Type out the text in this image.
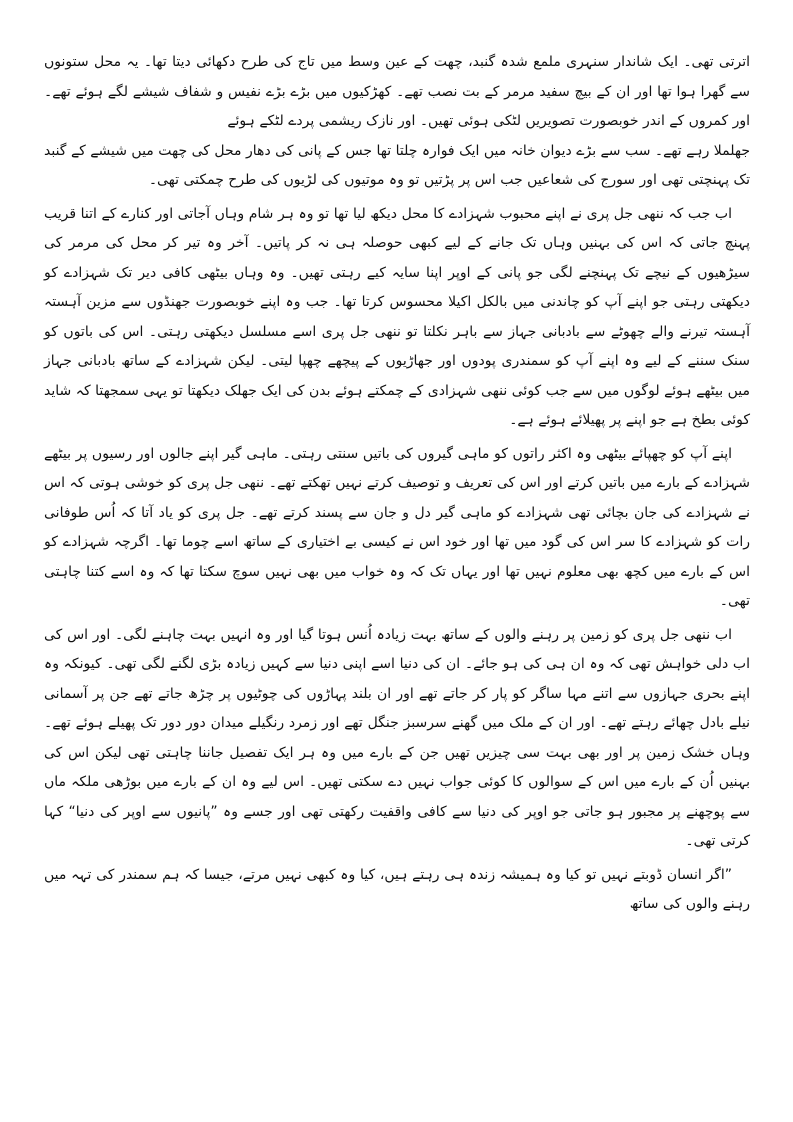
اترتی تھی۔ ایک شاندار سنہری ملمع شدہ گنبد، چھت کے عین وسط میں تاج کی طرح دکھائی دیتا تھا۔ یہ محل ستونوں سے گھرا ہوا تھا اور ان کے بیچ سفید مرمر کے بت نصب تھے۔ کھڑکیوں میں بڑے بڑے نفیس و شفاف شیشے لگے ہوئے تھے۔ اور کمروں کے اندر خوبصورت تصویریں لٹکی ہوئی تھیں۔ اور نازک ریشمی پردے لٹکے ہوئے

جھلملا رہے تھے۔ سب سے بڑے دیوان خانہ میں ایک فوارہ چلتا تھا جس کے پانی کی دھار محل کی چھت میں شیشے کے گنبد تک پہنچتی تھی اور سورج کی شعاعیں جب اس پر پڑتیں تو وہ موتیوں کی لڑیوں کی طرح چمکتی تھی۔

اب جب کہ ننھی جل پری نے اپنے محبوب شہزادے کا محل دیکھ لیا تھا تو وہ ہر شام وہاں آجاتی اور کنارے کے اتنا قریب پہنچ جاتی کہ اس کی بہنیں وہاں تک جانے کے لیے کبھی حوصلہ ہی نہ کر پاتیں۔ آخر وہ تیر کر محل کی مرمر کی سیڑھیوں کے نیچے تک پہنچنے لگی جو پانی کے اوپر اپنا سایہ کیے رہتی تھیں۔ وہ وہاں بیٹھی کافی دیر تک شہزادے کو دیکھتی رہتی جو اپنے آپ کو چاندنی میں بالکل اکیلا محسوس کرتا تھا۔ جب وہ اپنے خوبصورت جھنڈوں سے مزین آہستہ آہستہ تیرنے والے چھوٹے سے بادبانی جہاز سے باہر نکلتا تو ننھی جل پری اسے مسلسل دیکھتی رہتی۔ اس کی باتوں کو سنک سننے کے لیے وہ اپنے آپ کو سمندری پودوں اور جھاڑیوں کے پیچھے چھپا لیتی۔ لیکن شہزادے کے ساتھ بادبانی جہاز میں بیٹھے ہوئے لوگوں میں سے جب کوئی ننھی شہزادی کے چمکتے ہوئے بدن کی ایک جھلک دیکھتا تو یہی سمجھتا کہ شاید کوئی بطخ ہے جو اپنے پر پھیلائے ہوئے ہے۔

اپنے آپ کو چھپائے بیٹھی وہ اکثر راتوں کو ماہی گیروں کی باتیں سنتی رہتی۔ ماہی گیر اپنے جالوں اور رسیوں پر بیٹھے شہزادے کے بارے میں باتیں کرتے اور اس کی تعریف و توصیف کرتے نہیں تھکتے تھے۔ ننھی جل پری کو خوشی ہوتی کہ اس نے شہزادے کی جان بچائی تھی شہزادے کو ماہی گیر دل و جان سے پسند کرتے تھے۔ جل پری کو یاد آتا کہ اُس طوفانی رات کو شہزادے کا سر اس کی گود میں تھا اور خود اس نے کیسی بے اختیاری کے ساتھ اسے چوما تھا۔ اگرچہ شہزادے کو اس کے بارے میں کچھ بھی معلوم نہیں تھا اور یہاں تک کہ وہ خواب میں بھی نہیں سوچ سکتا تھا کہ وہ اسے کتنا چاہتی تھی۔

اب ننھی جل پری کو زمین پر رہنے والوں کے ساتھ بہت زیادہ اُنس ہوتا گیا اور وہ انہیں بہت چاہنے لگی۔ اور اس کی اب دلی خواہش تھی کہ وہ ان ہی کی ہو جائے۔ ان کی دنیا اسے اپنی دنیا سے کہیں زیادہ بڑی لگنے لگی تھی۔ کیونکہ وہ اپنے بحری جہازوں سے اتنے مہا ساگر کو پار کر جاتے تھے اور ان بلند پہاڑوں کی چوٹیوں پر چڑھ جاتے تھے جن پر آسمانی نیلے بادل چھائے رہتے تھے۔ اور ان کے ملک میں گھنے سرسبز جنگل تھے اور زمرد رنگیلے میدان دور دور تک پھیلے ہوئے تھے۔ وہاں خشک زمین پر اور بھی بہت سی چیزیں تھیں جن کے بارے میں وہ ہر ایک تفصیل جاننا چاہتی تھی لیکن اس کی بہنیں اُن کے بارے میں اس کے سوالوں کا کوئی جواب نہیں دے سکتی تھیں۔ اس لیے وہ ان کے بارے میں بوڑھی ملکہ ماں سے پوچھنے پر مجبور ہو جاتی جو اوپر کی دنیا سے کافی واقفیت رکھتی تھی اور جسے وہ ”پانیوں سے اوپر کی دنیا“ کہا کرتی تھی۔

”اگر انسان ڈوبتے نہیں تو کیا وہ ہمیشہ زندہ ہی رہتے ہیں، کیا وہ کبھی نہیں مرتے، جیسا کہ ہم سمندر کی تہہ میں رہنے والوں کی ساتھ
